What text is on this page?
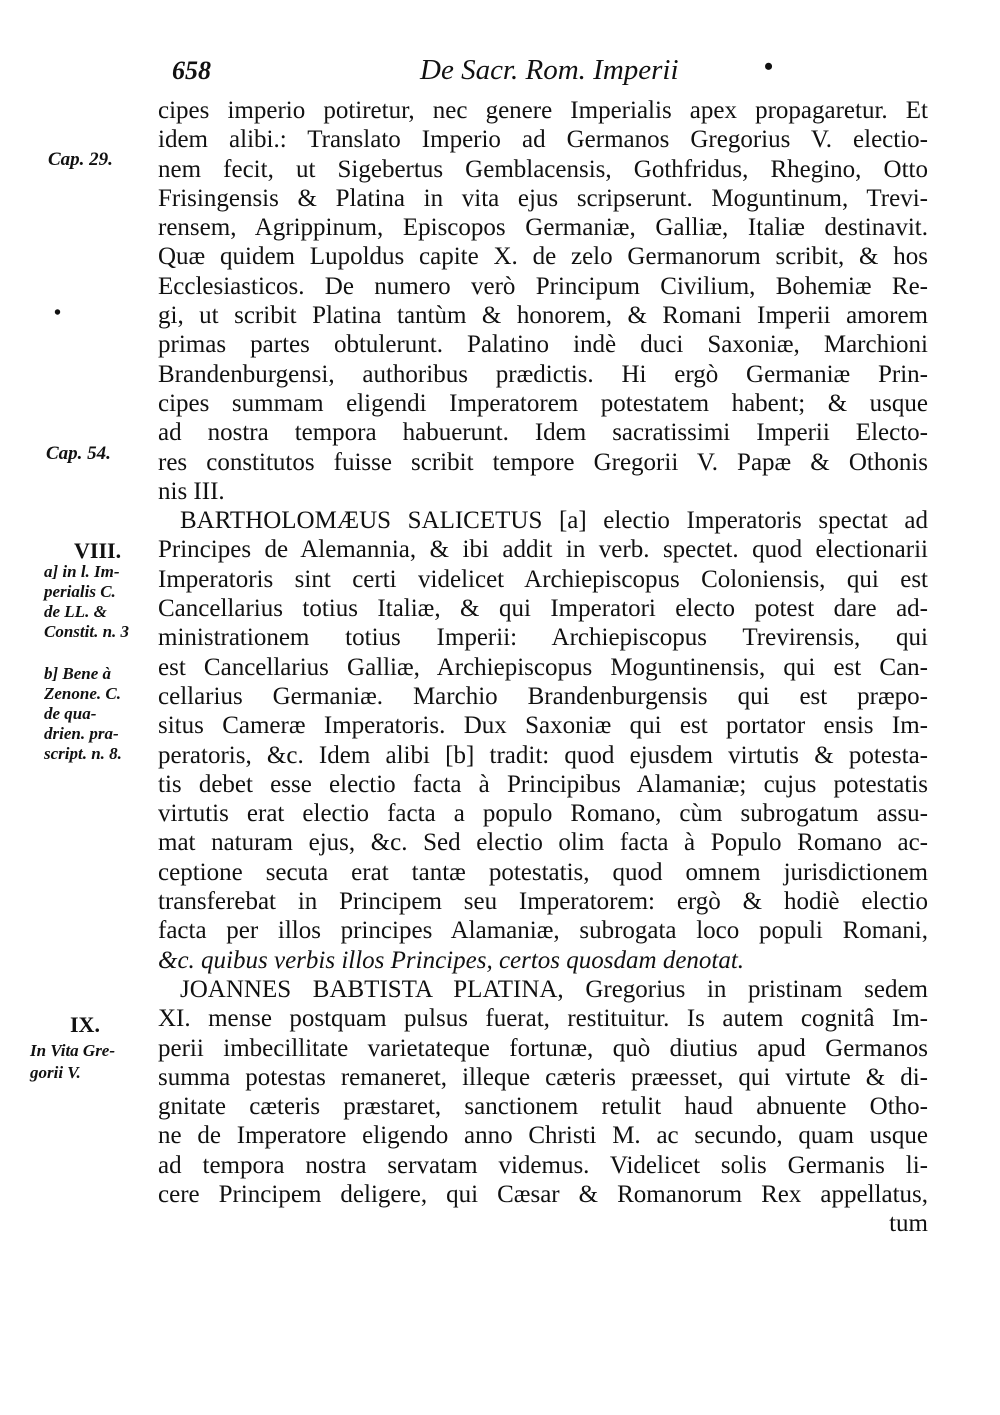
658	De Sacr. Rom. Imperii	•
Cap. 29.
•
Cap. 54.
VIII.
a] in l. Im-
perialis C.
de LL. &
Constit. n. 3
b] Bene à
Zenone. C.
de qua-
drien. pra-
script. n. 8.
IX.
In Vita Gre-
gorii V.
cipes imperio potiretur, nec genere Imperialis apex propagaretur. Et
idem alibi.: Translato Imperio ad Germanos Gregorius V. electio-
nem fecit, ut Sigebertus Gemblacensis, Gothfridus, Rhegino, Otto
Frisingensis & Platina in vita ejus scripserunt. Moguntinum, Trevi-
rensem, Agrippinum, Episcopos Germaniæ, Galliæ, Italiæ destinavit.
Quæ quidem Lupoldus capite X. de zelo Germanorum scribit, & hos
Ecclesiasticos. De numero verò Principum Civilium, Bohemiæ Re-
gi, ut scribit Platina tantùm & honorem, & Romani Imperii amorem
primas partes obtulerunt. Palatino indè duci Saxoniæ, Marchioni
Brandenburgensi, authoribus prædictis. Hi ergò Germaniæ Prin-
cipes summam eligendi Imperatorem potestatem habent; & usque
ad nostra tempora habuerunt. Idem sacratissimi Imperii Electo-
res constitutos fuisse scribit tempore Gregorii V. Papæ & Othonis
nis III.
BARTHOLOMÆUS SALICETUS [a] electio Imperatoris spectat ad
Principes de Alemannia, & ibi addit in verb. spectet. quod electionarii
Imperatoris sint certi videlicet Archiepiscopus Coloniensis, qui est
Cancellarius totius Italiæ, & qui Imperatori electo potest dare ad-
ministrationem totius Imperii: Archiepiscopus Trevirensis, qui
est Cancellarius Galliæ, Archiepiscopus Moguntinensis, qui est Can-
cellarius Germaniæ. Marchio Brandenburgensis qui est præpo-
situs Cameræ Imperatoris. Dux Saxoniæ qui est portator ensis Im-
peratoris, &c. Idem alibi [b] tradit: quod ejusdem virtutis & potesta-
tis debet esse electio facta à Principibus Alamaniæ; cujus potestatis
virtutis erat electio facta a populo Romano, cùm subrogatum assu-
mat naturam ejus, &c. Sed electio olim facta à Populo Romano ac-
ceptione secuta erat tantæ potestatis, quod omnem jurisdictionem
transferebat in Principem seu Imperatorem: ergò & hodiè electio
facta per illos principes Alamaniæ, subrogata loco populi Romani,
&c. quibus verbis illos Principes, certos quosdam denotat.
JOANNES BABTISTA PLATINA, Gregorius in pristinam sedem
XI. mense postquam pulsus fuerat, restituitur. Is autem cognitâ Im-
perii imbecillitate varietateque fortunæ, quò diutius apud Germanos
summa potestas remaneret, illeque cæteris præesset, qui virtute & di-
gnitate cæteris præstaret, sanctionem retulit haud abnuente Otho-
ne de Imperatore eligendo anno Christi M. ac secundo, quam usque
ad tempora nostra servatam videmus. Videlicet solis Germanis li-
cere Principem deligere, qui Cæsar & Romanorum Rex appellatus,
tum
